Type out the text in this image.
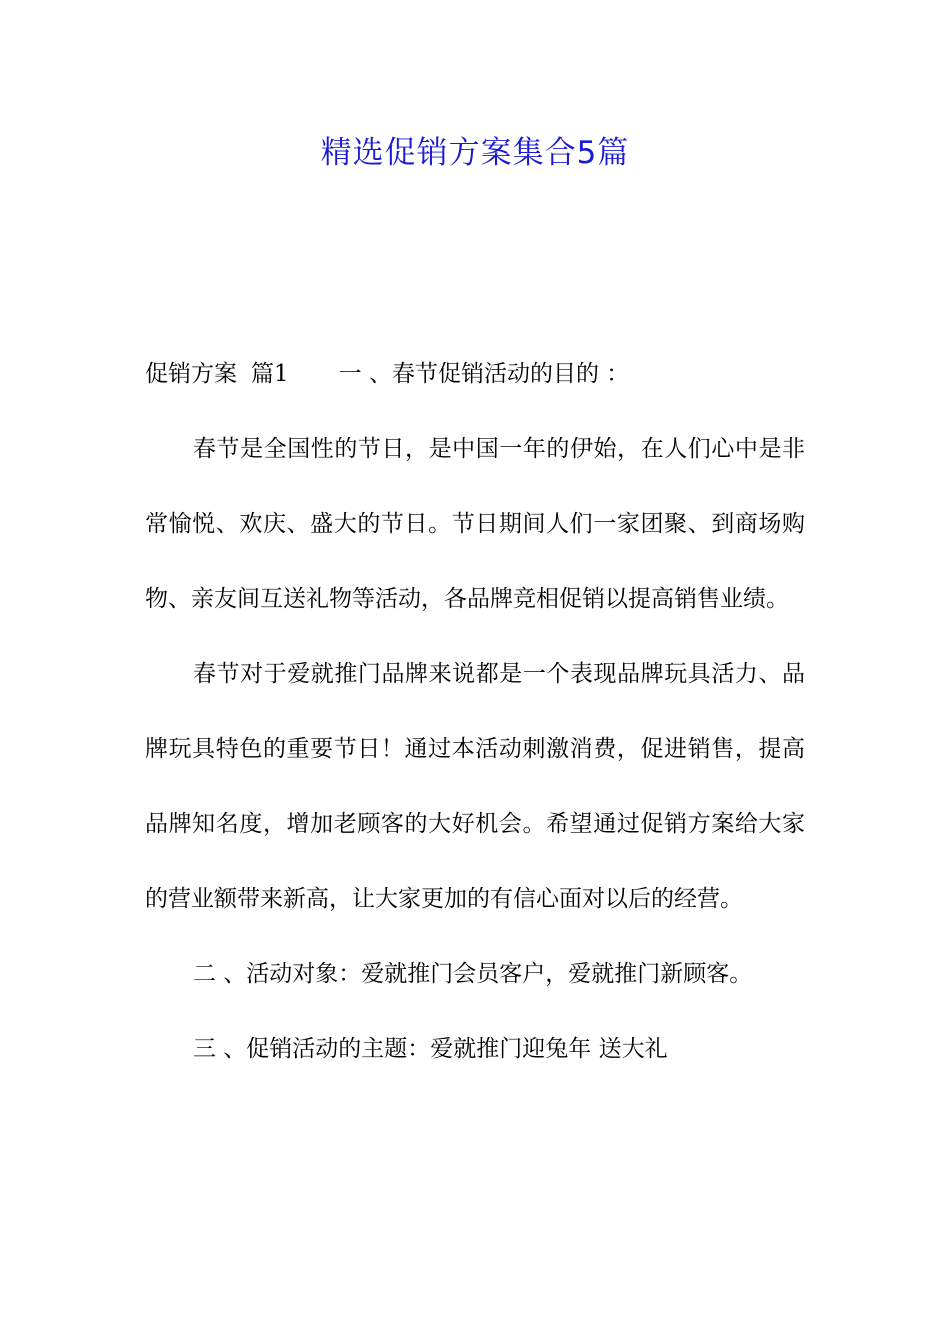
精选促销方案集合5篇

促销方案 篇1 一 、春节促销活动的目的 ：

春节是全国性的节日，是中国一年的伊始，在人们心中是非常愉悦、欢庆、盛大的节日。节日期间人们一家团聚、到商场购物、亲友间互送礼物等活动，各品牌竞相促销以提高销售业绩。

春节对于爱就推门品牌来说都是一个表现品牌玩具活力、品牌玩具特色的重要节日！通过本活动刺激消费，促进销售，提高品牌知名度，增加老顾客的大好机会。希望通过促销方案给大家的营业额带来新高，让大家更加的有信心面对以后的经营。

二 、活动对象：爱就推门会员客户，爱就推门新顾客。

三 、促销活动的主题：爱就推门迎兔年 送大礼
